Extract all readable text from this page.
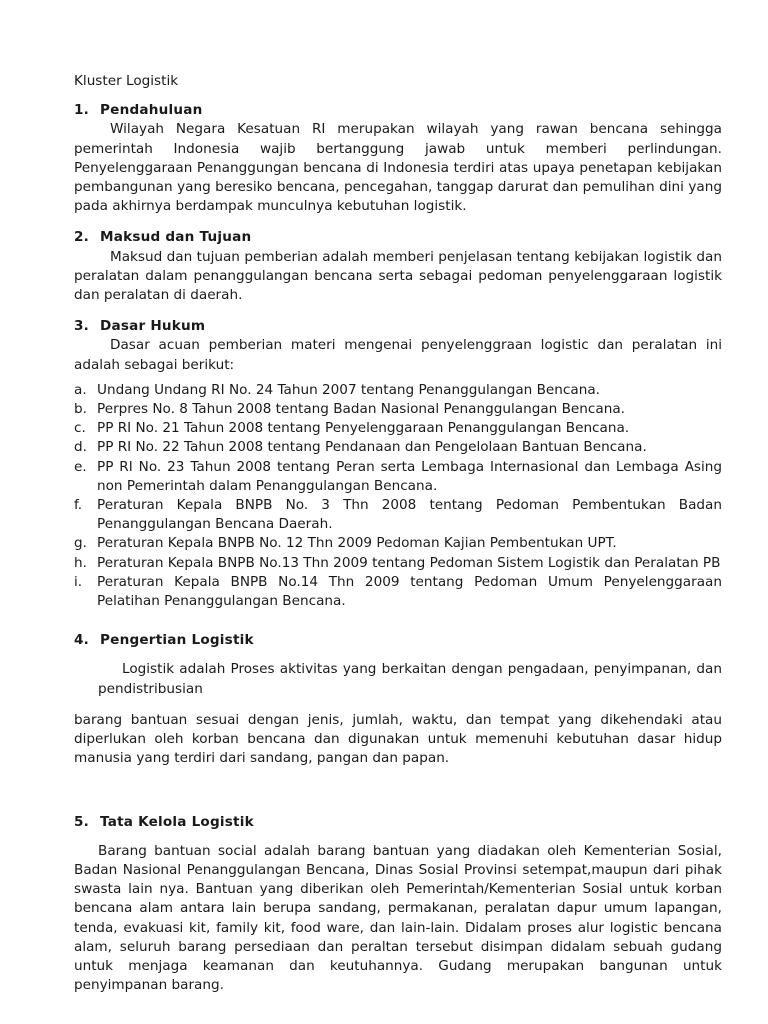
Kluster Logistik

1. Pendahuluan

Wilayah Negara Kesatuan RI merupakan wilayah yang rawan bencana sehingga pemerintah Indonesia wajib bertanggung jawab untuk memberi perlindungan. Penyelenggaraan Penanggungan bencana di Indonesia terdiri atas upaya penetapan kebijakan pembangunan yang beresiko bencana, pencegahan, tanggap darurat dan pemulihan dini yang pada akhirnya berdampak munculnya kebutuhan logistik.

2. Maksud dan Tujuan

Maksud dan tujuan pemberian adalah memberi penjelasan tentang kebijakan logistik dan peralatan dalam penanggulangan bencana serta sebagai pedoman penyelenggaraan logistik dan peralatan di daerah.

3. Dasar Hukum

Dasar acuan pemberian materi mengenai penyelenggraan logistic dan peralatan ini adalah sebagai berikut:

a. Undang Undang RI No. 24 Tahun 2007 tentang Penanggulangan Bencana.
b. Perpres No. 8 Tahun 2008 tentang Badan Nasional Penanggulangan Bencana.
c. PP RI No. 21 Tahun 2008 tentang Penyelenggaraan Penanggulangan Bencana.
d. PP RI No. 22 Tahun 2008 tentang Pendanaan dan Pengelolaan Bantuan Bencana.
e. PP RI No. 23 Tahun 2008 tentang Peran serta Lembaga Internasional dan Lembaga Asing non Pemerintah dalam Penanggulangan Bencana.
f. Peraturan Kepala BNPB No. 3 Thn 2008 tentang Pedoman Pembentukan Badan Penanggulangan Bencana Daerah.
g. Peraturan Kepala BNPB No. 12 Thn 2009 Pedoman Kajian Pembentukan UPT.
h. Peraturan Kepala BNPB No.13 Thn 2009 tentang Pedoman Sistem Logistik dan Peralatan PB
i. Peraturan Kepala BNPB No.14 Thn 2009 tentang Pedoman Umum Penyelenggaraan Pelatihan Penanggulangan Bencana.

4. Pengertian Logistik

Logistik adalah Proses aktivitas yang berkaitan dengan pengadaan, penyimpanan, dan pendistribusian

barang bantuan sesuai dengan jenis, jumlah, waktu, dan tempat yang dikehendaki atau diperlukan oleh korban bencana dan digunakan untuk memenuhi kebutuhan dasar hidup manusia yang terdiri dari sandang, pangan dan papan.

5. Tata Kelola Logistik

Barang bantuan social adalah barang bantuan yang diadakan oleh Kementerian Sosial, Badan Nasional Penanggulangan Bencana, Dinas Sosial Provinsi setempat,maupun dari pihak swasta lain nya. Bantuan yang diberikan oleh Pemerintah/Kementerian Sosial untuk korban bencana alam antara lain berupa sandang, permakanan, peralatan dapur umum lapangan, tenda, evakuasi kit, family kit, food ware, dan lain-lain. Didalam proses alur logistic bencana alam, seluruh barang persediaan dan peraltan tersebut disimpan didalam sebuah gudang untuk menjaga keamanan dan keutuhannya. Gudang merupakan bangunan untuk penyimpanan barang.
